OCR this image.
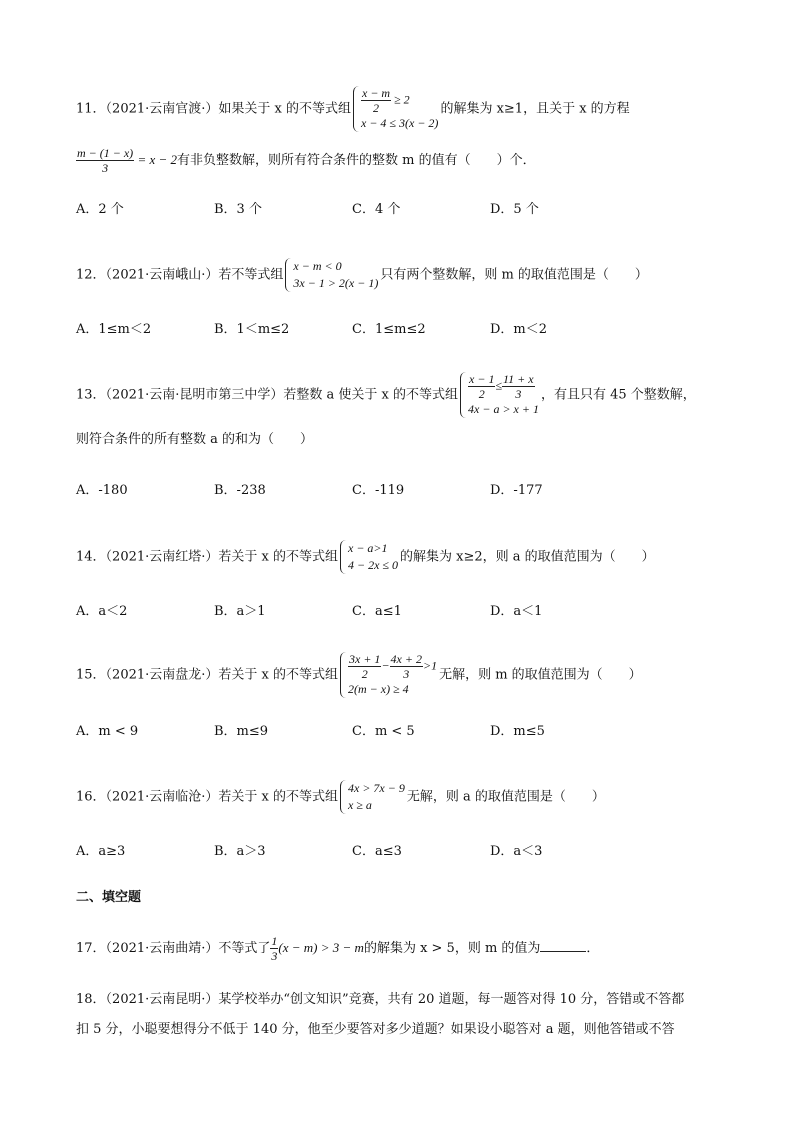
11．（2021·云南官渡·）如果关于 x 的不等式组 $\frac{x - m}{2} \ge 2$
x − 4 ≤ 3(x − 2)
的解集为 x≥1，且关于 x 的方程
$\frac{m - (1 - x)}{3} = x - 2$有非负整数解，则所有符合条件的整数 m 的值有（　　）个．
A．2 个	B．3 个	C．4 个	D．5 个
12．（2021·云南峨山·）若不等式组
x − m < 0
3x − 1 > 2(x − 1)
只有两个整数解，则 m 的取值范围是（　　）
A．1≤m＜2	B．1＜m≤2	C．1≤m≤2	D．m＜2
13．（2021·云南·昆明市第三中学）若整数 a 使关于 x 的不等式组 $\frac{x - 1}{2} \le \frac{11 + x}{3}$
4x − a > x + 1
，有且只有 45 个整数解，
则符合条件的所有整数 a 的和为（　　）
A．-180	B．-238	C．-119	D．-177
14．（2021·云南红塔·）若关于 x 的不等式组
x − a>1
4 − 2x ≤ 0
的解集为 x≥2，则 a 的取值范围为（　　）
A．a＜2	B．a＞1	C．a≤1	D．a＜1
15．（2021·云南盘龙·）若关于 x 的不等式组 $\frac{3x + 1}{2} - \frac{4x + 2}{3} >1$
2(m − x) ≥ 4
无解，则 m 的取值范围为（　　）
A．m < 9	B．m≤9	C．m < 5	D．m≤5
16．（2021·云南临沧·）若关于 x 的不等式组
4x > 7x − 9
x ≥ a
无解，则 a 的取值范围是（　　）
A．a≥3	B．a＞3	C．a≤3	D．a＜3
二、填空题
17．（2021·云南曲靖·）不等式了 $\frac{1}{3} (x - m) > 3 - m$的解集为 x > 5，则 m 的值为	．
18．（2021·云南昆明·）某学校举办“创文知识”竞赛，共有 20 道题，每一题答对得 10 分，答错或不答都
扣 5 分，小聪要想得分不低于 140 分，他至少要答对多少道题？如果设小聪答对 a 题，则他答错或不答
